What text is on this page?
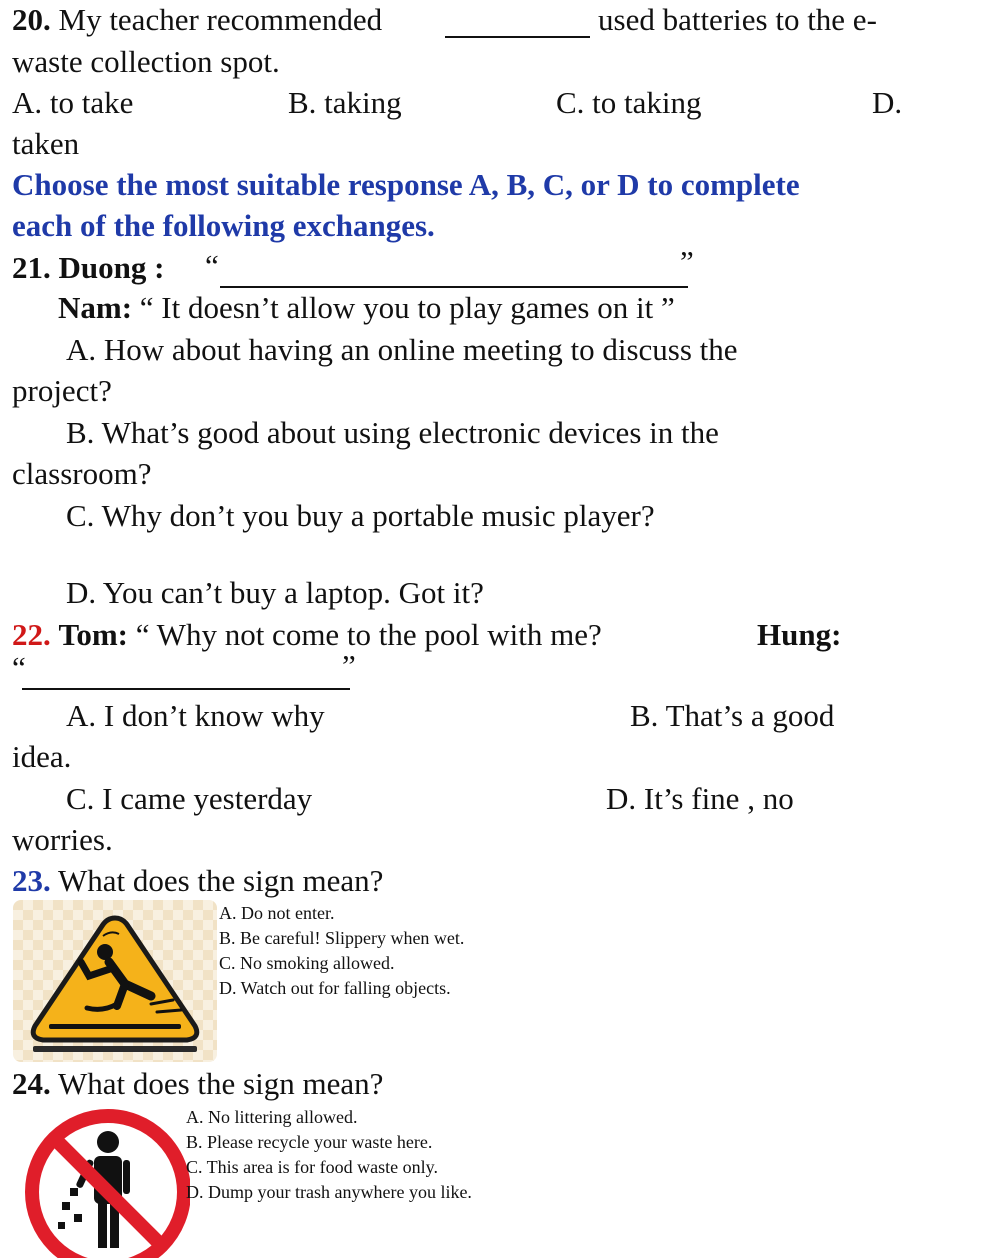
20. My teacher recommended	used batteries to the e-
waste collection spot.
A. to take	B. taking	C. to taking	D.
taken
Choose the most suitable response A, B, C, or D to complete
each of the following exchanges.
21. Duong : “	”
Nam: “ It doesn’t allow you to play games on it ”
A. How about having an online meeting to discuss the
project?
B. What’s good about using electronic devices in the
classroom?
C. Why don’t you buy a portable music player?
D. You can’t buy a laptop. Got it?
22. Tom: “ Why not come to the pool with me?	Hung:
“	”
A. I don’t know why	B. That’s a good
idea.
C. I came yesterday	D. It’s fine , no
worries.
23. What does the sign mean?
A. Do not enter.
B. Be careful! Slippery when wet.
C. No smoking allowed.
D. Watch out for falling objects.
24. What does the sign mean?
A. No littering allowed.
B. Please recycle your waste here.
C. This area is for food waste only.
D. Dump your trash anywhere you like.
